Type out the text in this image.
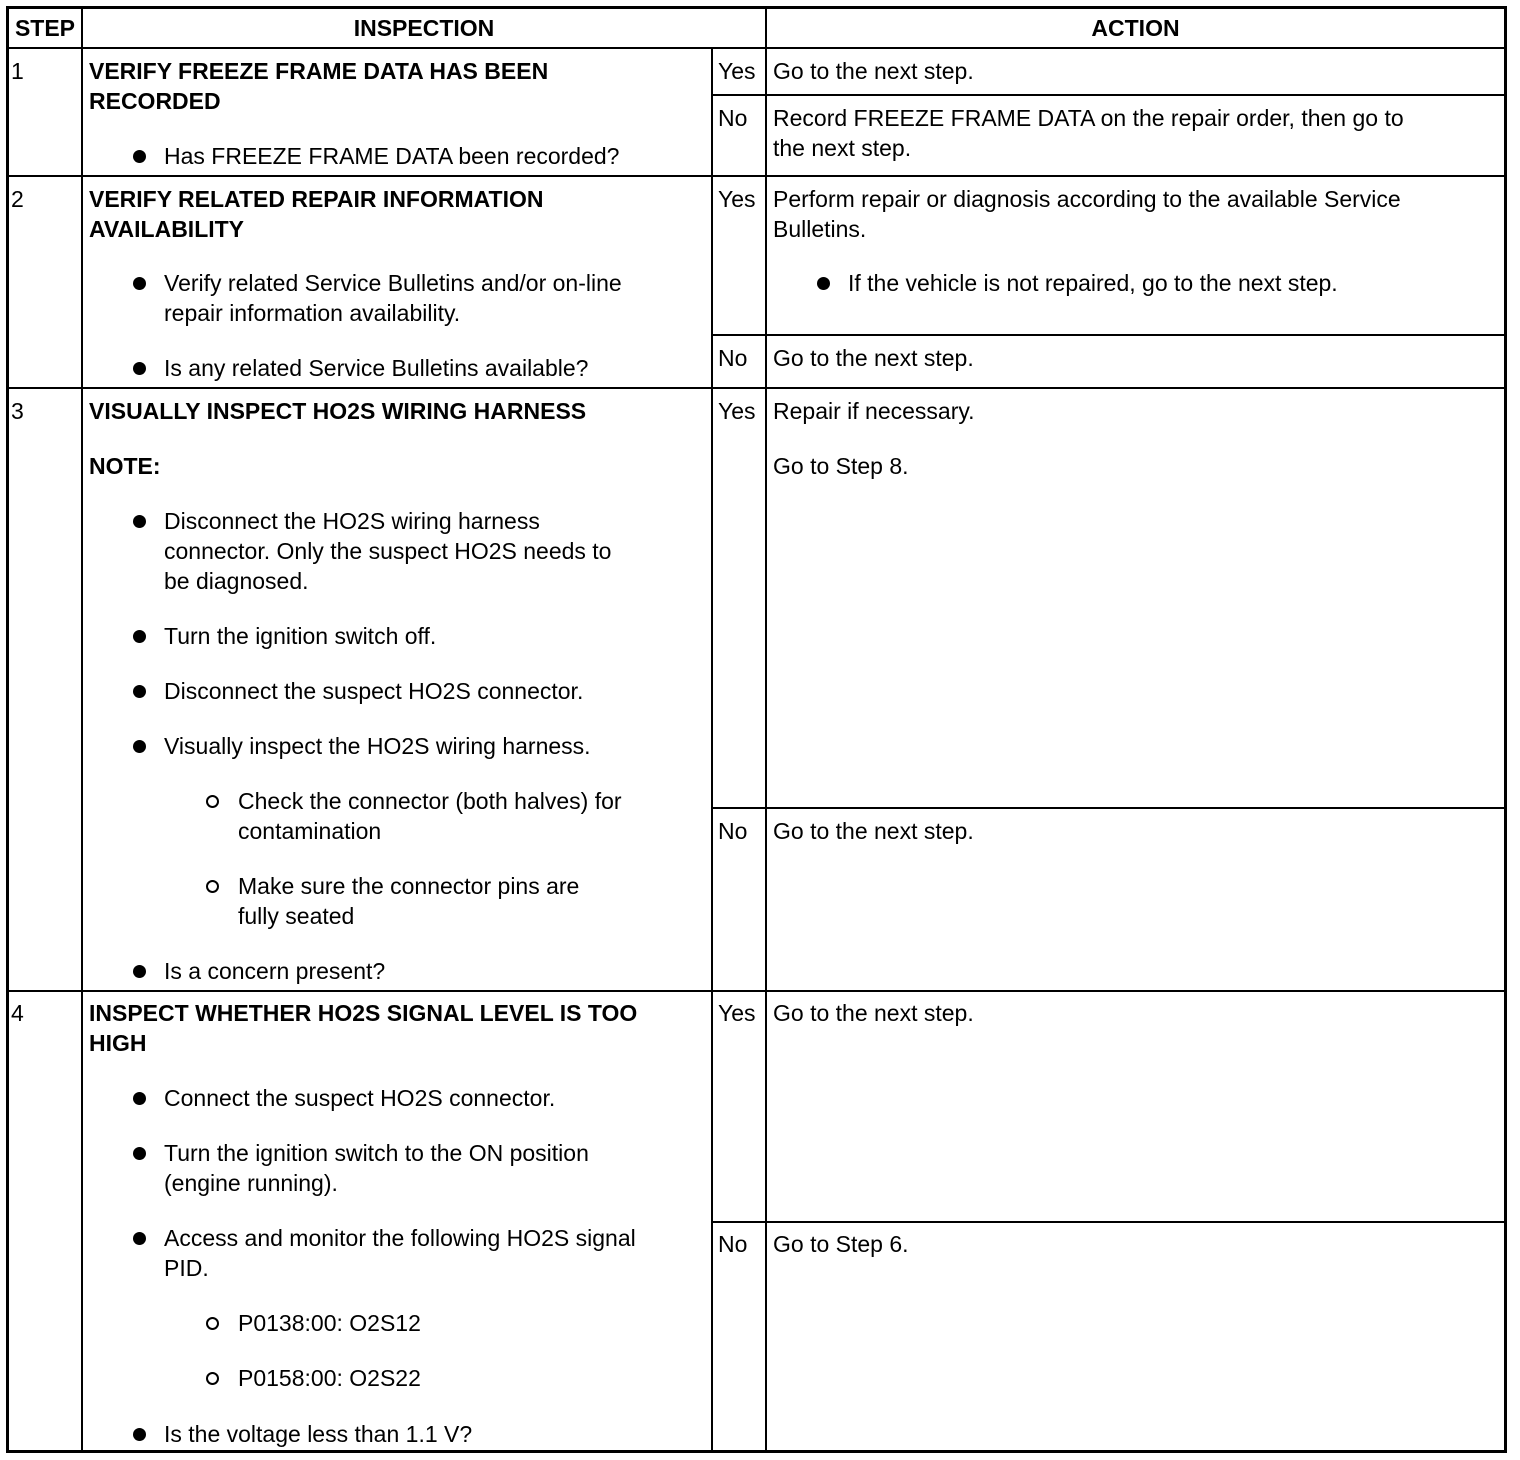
STEP	INSPECTION	ACTION
1	VERIFY FREEZE FRAME DATA HAS BEEN
RECORDED
Has FREEZE FRAME DATA been recorded?
Yes Go to the next step.
No Record FREEZE FRAME DATA on the repair order, then go to
the next step.
2	VERIFY RELATED REPAIR INFORMATION
AVAILABILITY
Verify related Service Bulletins and/or on-line
repair information availability.
Is any related Service Bulletins available?
Yes Perform repair or diagnosis according to the available Service
Bulletins.
If the vehicle is not repaired, go to the next step.
No Go to the next step.
3	VISUALLY INSPECT HO2S WIRING HARNESS
NOTE:
Disconnect the HO2S wiring harness
connector. Only the suspect HO2S needs to
be diagnosed.
Turn the ignition switch off.
Disconnect the suspect HO2S connector.
Visually inspect the HO2S wiring harness.
Check the connector (both halves) for
contamination
Make sure the connector pins are
fully seated
Is a concern present?
Yes Repair if necessary.
Go to Step 8.
No Go to the next step.
4	INSPECT WHETHER HO2S SIGNAL LEVEL IS TOO
HIGH
Connect the suspect HO2S connector.
Turn the ignition switch to the ON position
(engine running).
Access and monitor the following HO2S signal
PID.
P0138:00: O2S12
P0158:00: O2S22
Is the voltage less than 1.1 V?
Yes Go to the next step.
No Go to Step 6.
